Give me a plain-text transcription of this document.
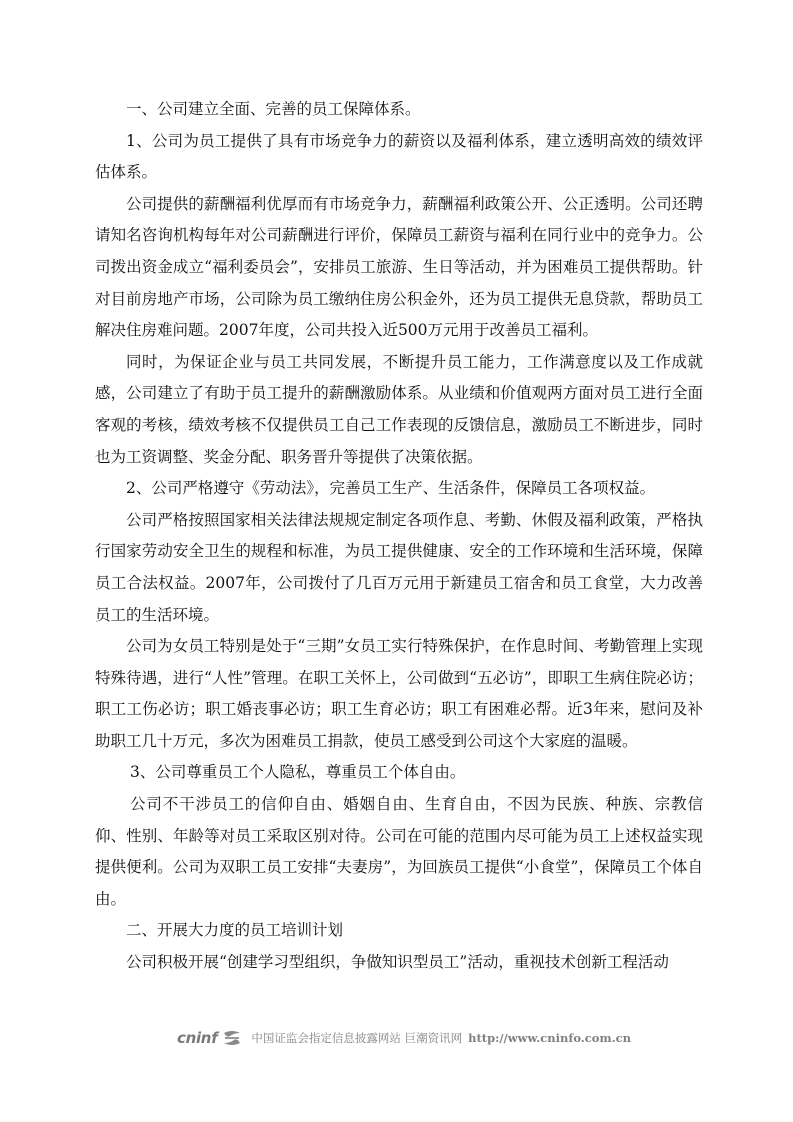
一、公司建立全面、完善的员工保障体系。

1、公司为员工提供了具有市场竞争力的薪资以及福利体系，建立透明高效的绩效评估体系。

公司提供的薪酬福利优厚而有市场竞争力，薪酬福利政策公开、公正透明。公司还聘请知名咨询机构每年对公司薪酬进行评价，保障员工薪资与福利在同行业中的竞争力。公司拨出资金成立“福利委员会”，安排员工旅游、生日等活动，并为困难员工提供帮助。针对目前房地产市场，公司除为员工缴纳住房公积金外，还为员工提供无息贷款，帮助员工解决住房难问题。2007年度，公司共投入近500万元用于改善员工福利。

同时，为保证企业与员工共同发展，不断提升员工能力，工作满意度以及工作成就感，公司建立了有助于员工提升的薪酬激励体系。从业绩和价值观两方面对员工进行全面客观的考核，绩效考核不仅提供员工自己工作表现的反馈信息，激励员工不断进步，同时也为工资调整、奖金分配、职务晋升等提供了决策依据。

2、公司严格遵守《劳动法》，完善员工生产、生活条件，保障员工各项权益。

公司严格按照国家相关法律法规规定制定各项作息、考勤、休假及福利政策，严格执行国家劳动安全卫生的规程和标准，为员工提供健康、安全的工作环境和生活环境，保障员工合法权益。2007年，公司拨付了几百万元用于新建员工宿舍和员工食堂，大力改善员工的生活环境。

公司为女员工特别是处于“三期”女员工实行特殊保护，在作息时间、考勤管理上实现特殊待遇，进行“人性”管理。在职工关怀上，公司做到“五必访”，即职工生病住院必访；职工工伤必访；职工婚丧事必访；职工生育必访；职工有困难必帮。近3年来，慰问及补助职工几十万元，多次为困难员工捐款，使员工感受到公司这个大家庭的温暖。

3、公司尊重员工个人隐私，尊重员工个体自由。

公司不干涉员工的信仰自由、婚姻自由、生育自由，不因为民族、种族、宗教信仰、性别、年龄等对员工采取区别对待。公司在可能的范围内尽可能为员工上述权益实现提供便利。公司为双职工员工安排“夫妻房”，为回族员工提供“小食堂”，保障员工个体自由。

二、开展大力度的员工培训计划

公司积极开展“创建学习型组织，争做知识型员工”活动，重视技术创新工程活动

cninf	中国证监会指定信息披露网站 巨潮资讯网 http://www.cninfo.com.cn
